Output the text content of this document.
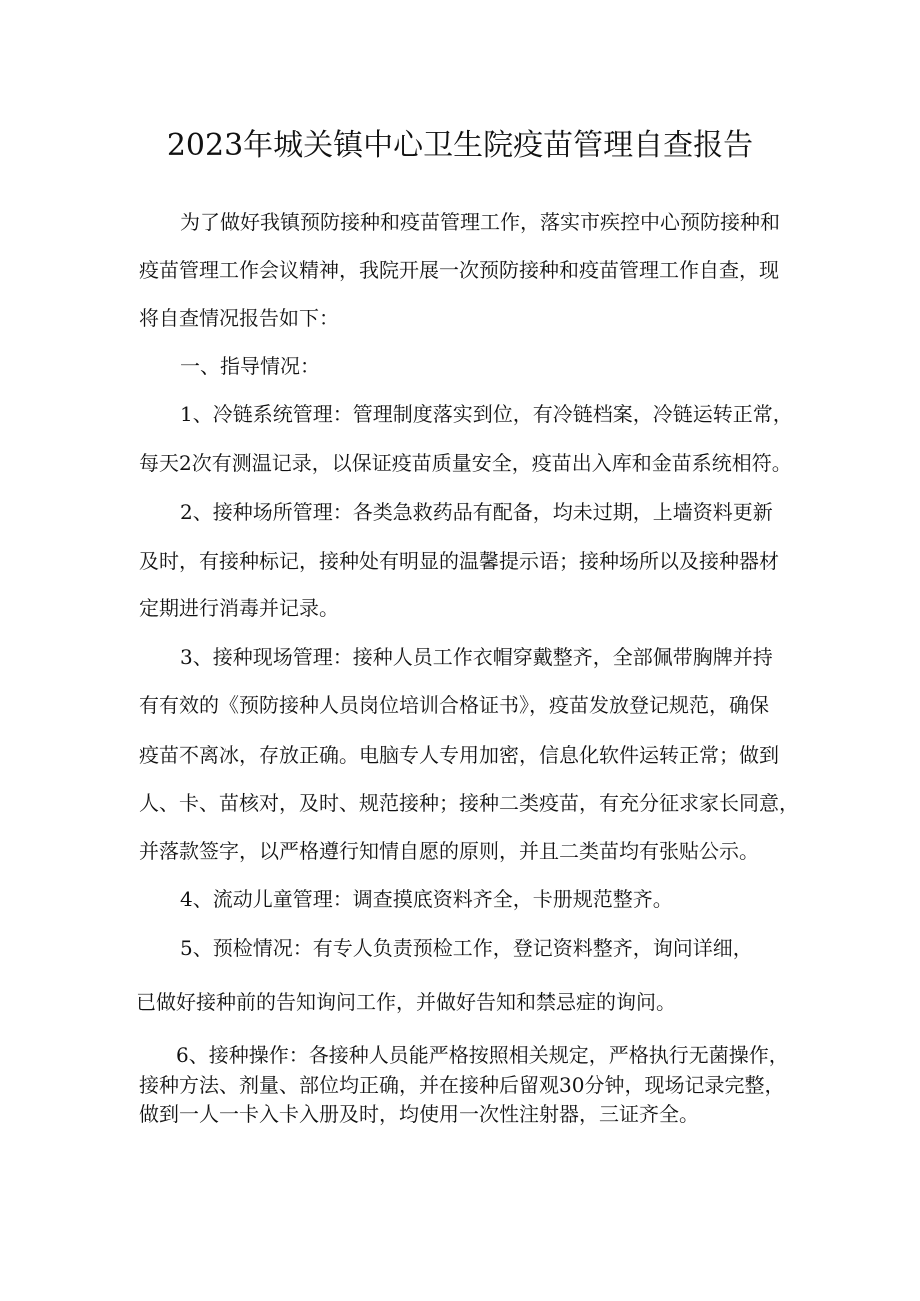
2023年城关镇中心卫生院疫苗管理自查报告

为了做好我镇预防接种和疫苗管理工作，落实市疾控中心预防接种和

疫苗管理工作会议精神，我院开展一次预防接种和疫苗管理工作自查，现

将自查情况报告如下：

一、指导情况：

1、冷链系统管理：管理制度落实到位，有冷链档案，冷链运转正常，

每天2次有测温记录，以保证疫苗质量安全，疫苗出入库和金苗系统相符。

2、接种场所管理：各类急救药品有配备，均未过期，上墙资料更新

及时，有接种标记，接种处有明显的温馨提示语；接种场所以及接种器材

定期进行消毒并记录。

3、接种现场管理：接种人员工作衣帽穿戴整齐，全部佩带胸牌并持

有有效的《预防接种人员岗位培训合格证书》，疫苗发放登记规范，确保

疫苗不离冰，存放正确。电脑专人专用加密，信息化软件运转正常；做到

人、卡、苗核对，及时、规范接种；接种二类疫苗，有充分征求家长同意，

并落款签字，以严格遵行知情自愿的原则，并且二类苗均有张贴公示。

4、流动儿童管理：调查摸底资料齐全，卡册规范整齐。

5、预检情况：有专人负责预检工作，登记资料整齐，询问详细，

已做好接种前的告知询问工作，并做好告知和禁忌症的询问。

6、接种操作：各接种人员能严格按照相关规定，严格执行无菌操作，

接种方法、剂量、部位均正确，并在接种后留观30分钟，现场记录完整，

做到一人一卡入卡入册及时，均使用一次性注射器，三证齐全。
